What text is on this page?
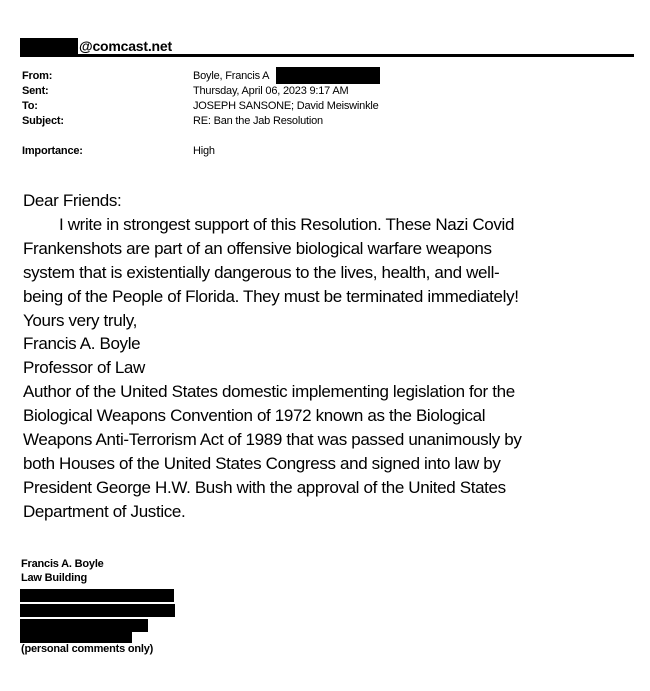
@comcast.net
From:
Sent:
To:
Subject:
Importance:
Boyle, Francis A
Thursday, April 06, 2023 9:17 AM
JOSEPH SANSONE; David Meiswinkle
RE: Ban the Jab Resolution
High
Dear Friends:
I write in strongest support of this Resolution. These Nazi Covid
Frankenshots are part of an offensive biological warfare weapons
system that is existentially dangerous to the lives, health, and well-
being of the People of Florida. They must be terminated immediately!
Yours very truly,
Francis A. Boyle
Professor of Law
Author of the United States domestic implementing legislation for the
Biological Weapons Convention of 1972 known as the Biological
Weapons Anti-Terrorism Act of 1989 that was passed unanimously by
both Houses of the United States Congress and signed into law by
President George H.W. Bush with the approval of the United States
Department of Justice.
Francis A. Boyle
Law Building
(personal comments only)
